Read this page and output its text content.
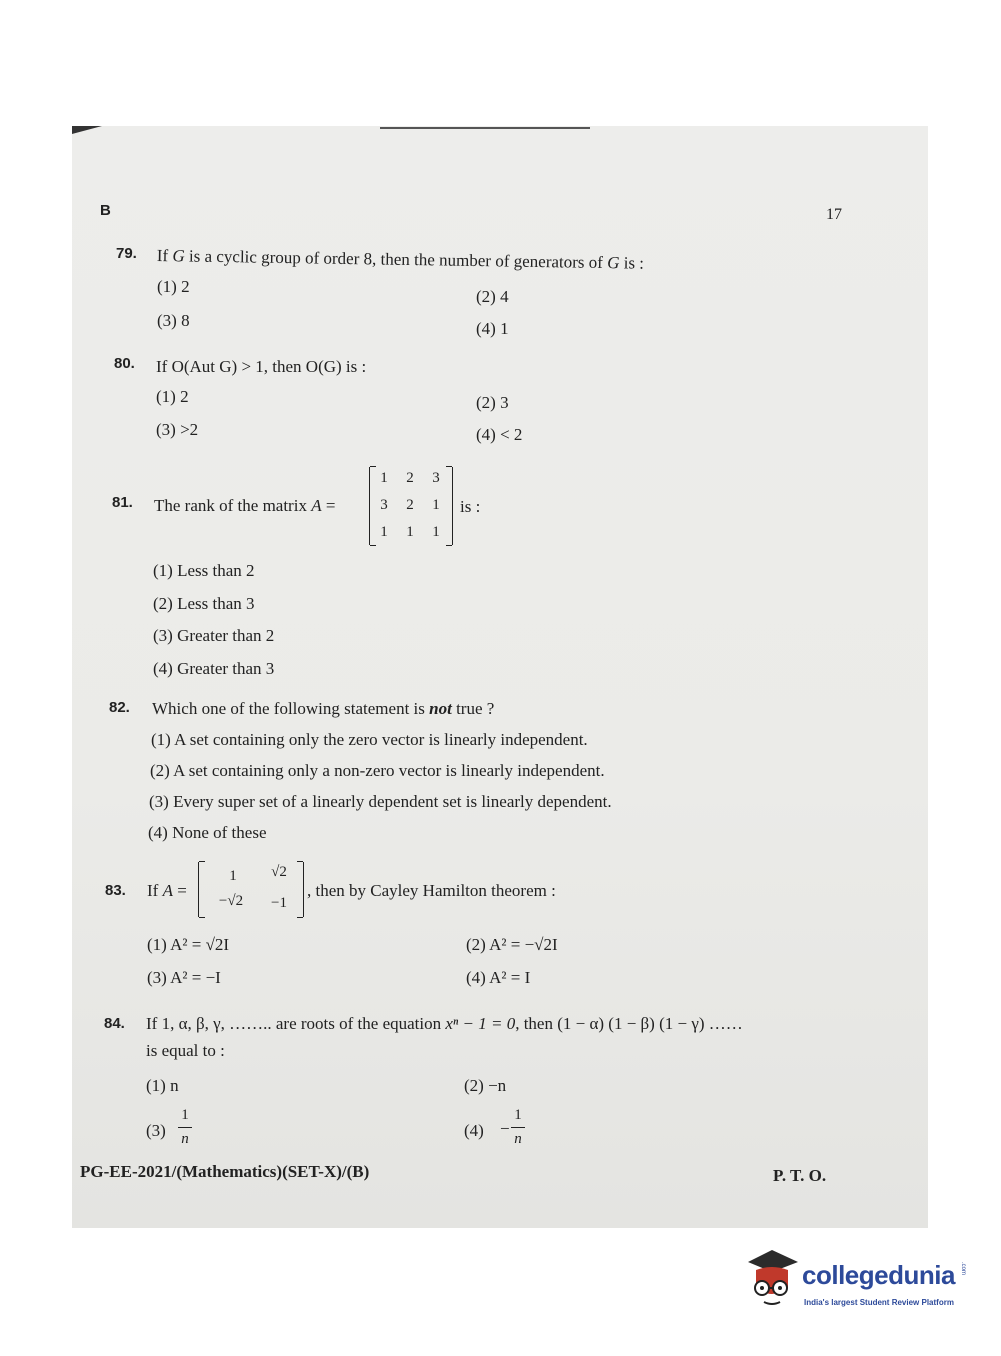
B	17
79. If G is a cyclic group of order 8, then the number of generators of G is :
(1) 2
(2) 4
(3) 8	(4) 1
80. If O(Aut G) > 1, then O(G) is :
(1) 2	(2) 3
(3) >2	(4) < 2
81. The rank of the matrix A =
1 2 3
3 2 1
1 1 1
is :
(1) Less than 2
(2) Less than 3
(3) Greater than 2
(4) Greater than 3
82. Which one of the following statement is not true ?
(1) A set containing only the zero vector is linearly independent.
(2) A set containing only a non-zero vector is linearly independent.
(3) Every super set of a linearly dependent set is linearly dependent.
(4) None of these
83. If A =
1	√2
−√2	−1
, then by Cayley Hamilton theorem :
(1) A² = √2I	(2) A² = −√2I
(3) A² = −I	(4) A² = I
84. If 1, α, β, γ, …….. are roots of the equation xⁿ − 1 = 0, then (1 − α) (1 − β) (1 − γ) ……
is equal to :
(1) n	(2) −n
(3)
1
n	(4) −
1
n
PG-EE-2021/(Mathematics)(SET-X)/(B)	P. T. O.
collegedunia .com
India's largest Student Review Platform
